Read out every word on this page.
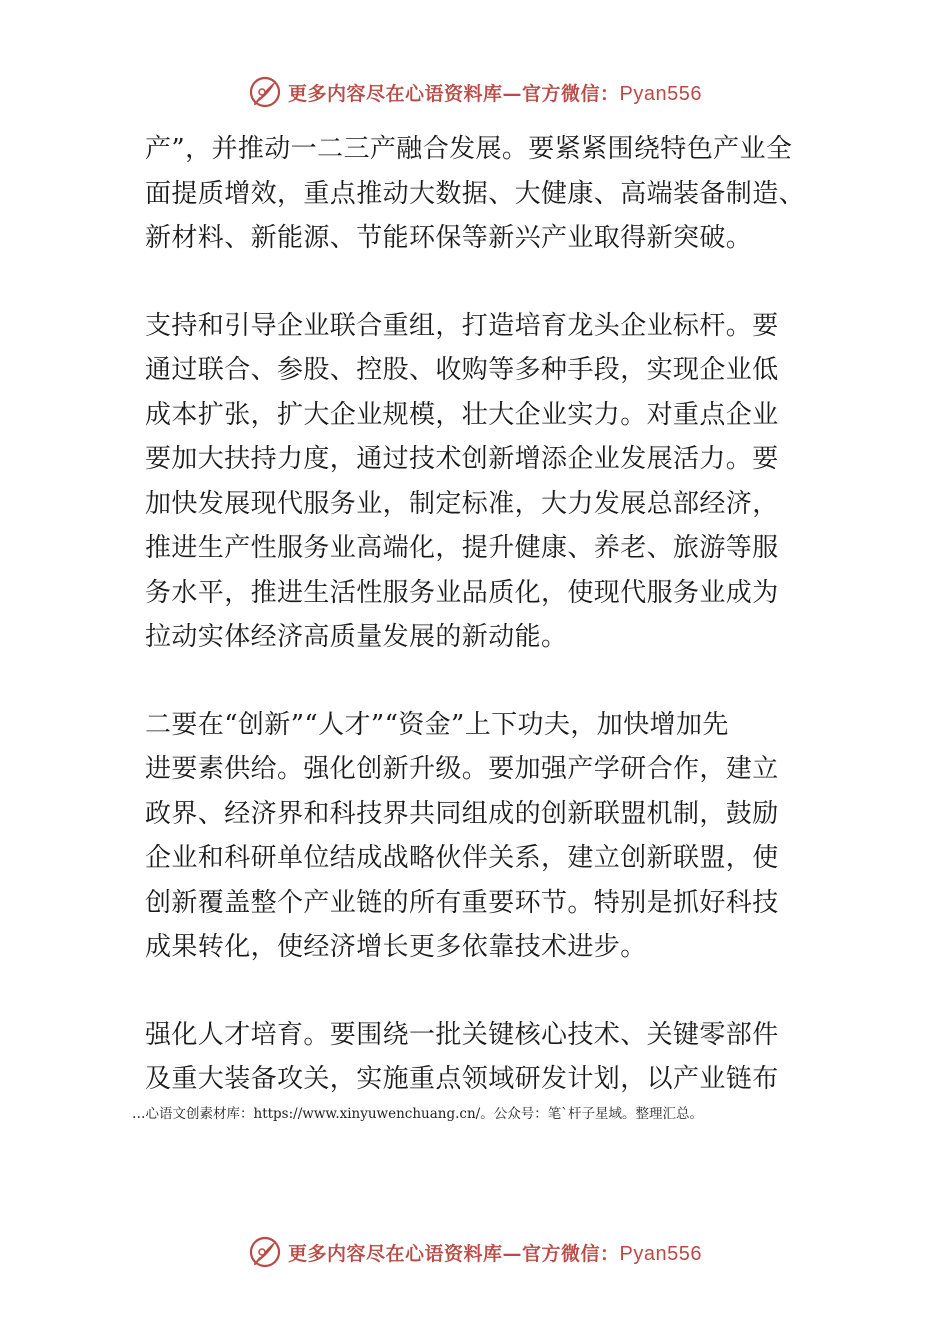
更多内容尽在心语资料库—官方微信：Pyan556
产”，并推动一二三产融合发展。要紧紧围绕特色产业全
面提质增效，重点推动大数据、大健康、高端装备制造、
新材料、新能源、节能环保等新兴产业取得新突破。
支持和引导企业联合重组，打造培育龙头企业标杆。要
通过联合、参股、控股、收购等多种手段，实现企业低
成本扩张，扩大企业规模，壮大企业实力。对重点企业
要加大扶持力度，通过技术创新增添企业发展活力。要
加快发展现代服务业，制定标准，大力发展总部经济，
推进生产性服务业高端化，提升健康、养老、旅游等服
务水平，推进生活性服务业品质化，使现代服务业成为
拉动实体经济高质量发展的新动能。
二要在“创新”“人才”“资金”上下功夫，加快增加先
进要素供给。强化创新升级。要加强产学研合作，建立
政界、经济界和科技界共同组成的创新联盟机制，鼓励
企业和科研单位结成战略伙伴关系，建立创新联盟，使
创新覆盖整个产业链的所有重要环节。特别是抓好科技
成果转化，使经济增长更多依靠技术进步。
强化人才培育。要围绕一批关键核心技术、关键零部件
及重大装备攻关，实施重点领域研发计划，以产业链布
…心语文创素材库：https://www.xinyuwenchuang.cn/。公众号：笔`杆子星域。整理汇总。
更多内容尽在心语资料库—官方微信：Pyan556
